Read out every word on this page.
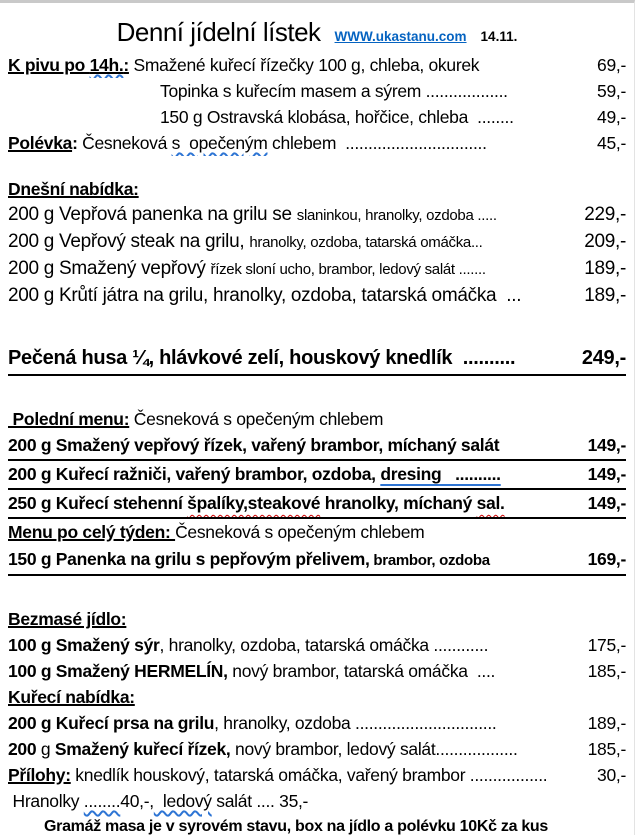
Denní jídelní lístek WWW.ukastanu.com 14.11.
K pivu po 14h.: Smažené kuřecí řízečky 100 g, chleba, okurek	69,-
Topinka s kuřecím masem a sýrem ..................	59,-
150 g Ostravská klobása, hořčice, chleba  ........	49,-
Polévka: Česneková s  opečeným chlebem  ...............................	45,-
Dnešní nabídka:
200 g Vepřová panenka na grilu se slaninkou, hranolky, ozdoba .....	229,-
200 g Vepřový steak na grilu, hranolky, ozdoba, tatarská omáčka...	209,-
200 g Smažený vepřový řízek sloní ucho, brambor, ledový salát .......	189,-
200 g Krůtí játra na grilu, hranolky, ozdoba, tatarská omáčka  ...	189,-
Pečená husa ¼, hlávkové zelí, houskový knedlík  ..........	249,-
Polední menu: Česneková s opečeným chlebem
200 g Smažený vepřový řízek, vařený brambor, míchaný salát	149,-
200 g Kuřecí ražniči, vařený brambor, ozdoba, dresing   ..........	149,-
250 g Kuřecí stehenní špalíky,steakové hranolky, míchaný sal.	149,-
Menu po celý týden: Česneková s opečeným chlebem
150 g Panenka na grilu s pepřovým přelivem, brambor, ozdoba	169,-
Bezmasé jídlo:
100 g Smažený sýr, hranolky, ozdoba, tatarská omáčka ............	175,-
100 g Smažený HERMELÍN, nový brambor, tatarská omáčka  ....	185,-
Kuřecí nabídka:
200 g Kuřecí prsa na grilu, hranolky, ozdoba ...............................	189,-
200 g Smažený kuřecí řízek, nový brambor, ledový salát..................	185,-
Přílohy: knedlík houskový, tatarská omáčka, vařený brambor .................	30,-
Hranolky ........ 40,-, ledový salát .... 35,-
Gramáž masa je v syrovém stavu, box na jídlo a polévku 10Kč za kus
